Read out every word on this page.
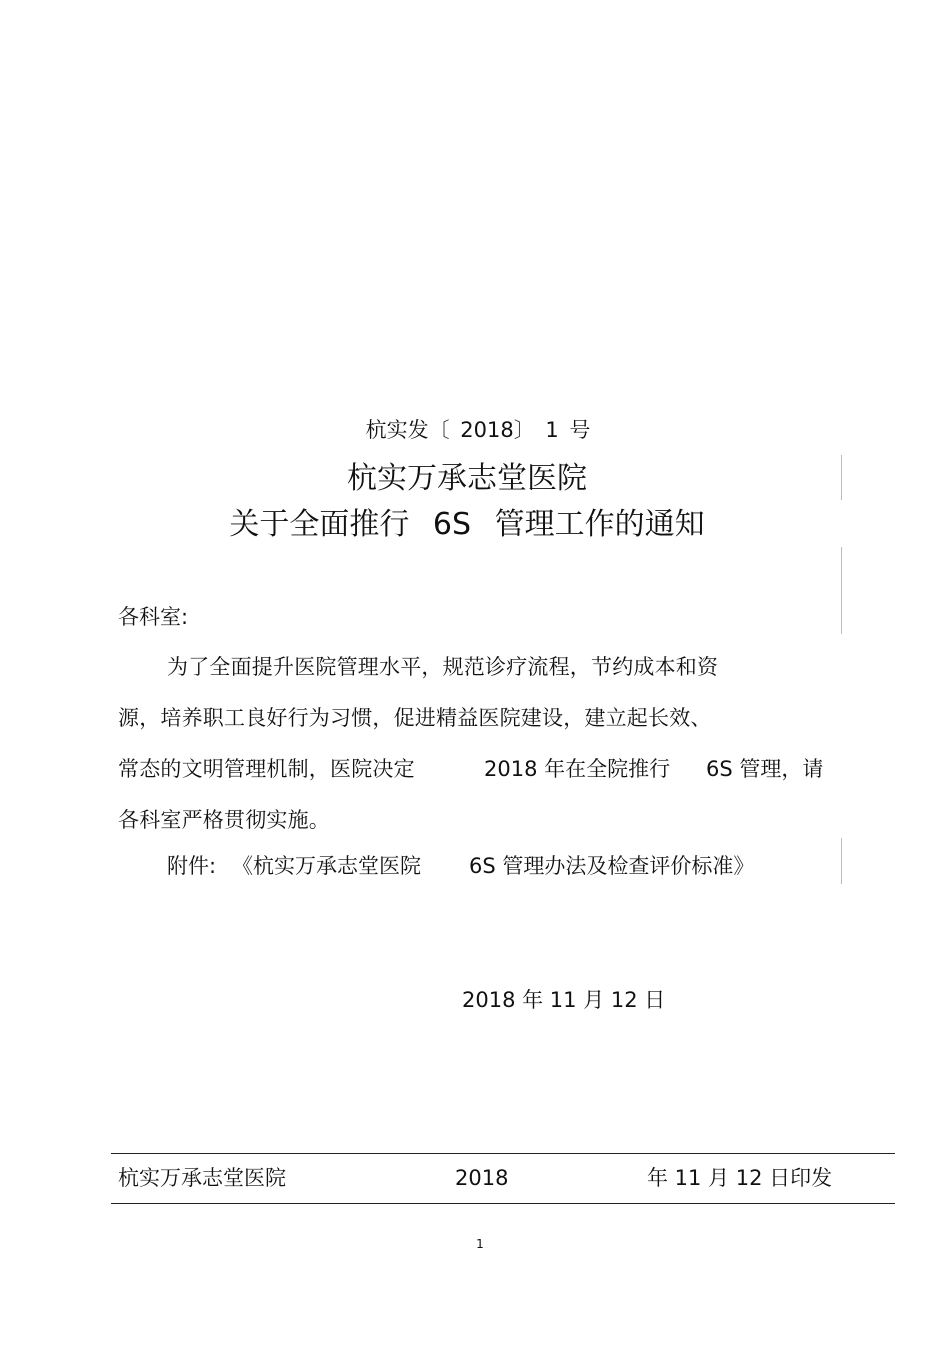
杭实发〔 2018〕 1 号
杭实万承志堂医院
关于全面推行 6S 管理工作的通知
各科室:
为了全面提升医院管理水平，规范诊疗流程，节约成本和资
源，培养职工良好行为习惯，促进精益医院建设，建立起长效、
常态的文明管理机制，医院决定	2018 年在全院推行 6S 管理，请
各科室严格贯彻实施。
附件: 《杭实万承志堂医院 6S 管理办法及检查评价标准》
2018 年 11 月 12 日
杭实万承志堂医院	2018	年 11 月 12 日印发
1
